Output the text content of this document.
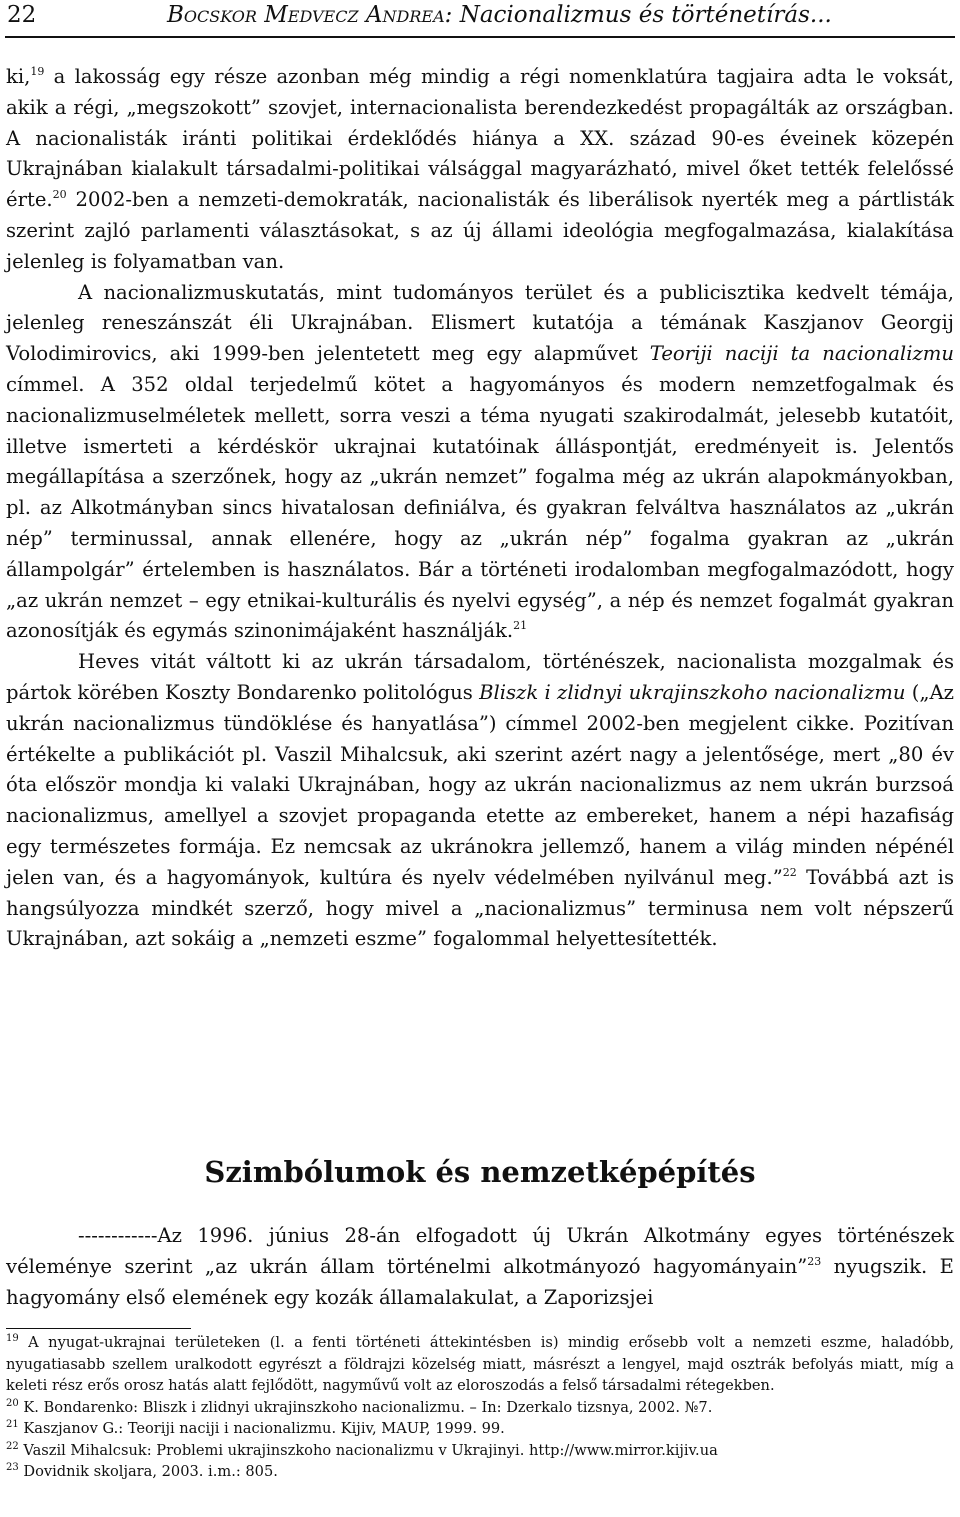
22	Bocskor Medvecz Andrea: Nacionalizmus és történetírás...

ki,$^{19}$ a lakosság egy része azonban még mindig a régi nomenklatúra tagjaira adta le voksát, akik a régi, „megszokott” szovjet, internacionalista berendezkedést propagálták az országban. A nacionalisták iránti politikai érdeklődés hiánya a XX. század 90-es éveinek közepén Ukrajnában kialakult társadalmi-politikai válsággal magyarázható, mivel őket tették felelőssé érte.$^{20}$ 2002-ben a nemzeti-demokraták, nacionalisták és liberálisok nyerték meg a pártlisták szerint zajló parlamenti választásokat, s az új állami ideológia megfogalmazása, kialakítása jelenleg is folyamatban van.

A nacionalizmuskutatás, mint tudományos terület és a publicisztika kedvelt témája, jelenleg reneszánszát éli Ukrajnában. Elismert kutatója a témának Kaszjanov Georgij Volodimirovics, aki 1999-ben jelentetett meg egy alapművet Teoriji naciji ta nacionalizmu címmel. A 352 oldal terjedelmű kötet a hagyományos és modern nemzetfogalmak és nacionalizmuselméletek mellett, sorra veszi a téma nyugati szakirodalmát, jelesebb kutatóit, illetve ismerteti a kérdéskör ukrajnai kutatóinak álláspontját, eredményeit is. Jelentős megállapítása a szerzőnek, hogy az „ukrán nemzet” fogalma még az ukrán alapokmányokban, pl. az Alkotmányban sincs hivatalosan definiálva, és gyakran felváltva használatos az „ukrán nép” terminussal, annak ellenére, hogy az „ukrán nép” fogalma gyakran az „ukrán állampolgár” értelemben is használatos. Bár a történeti irodalomban megfogalmazódott, hogy „az ukrán nemzet – egy etnikai-kulturális és nyelvi egység”, a nép és nemzet fogalmát gyakran azonosítják és egymás szinonimájaként használják.$^{21}$

Heves vitát váltott ki az ukrán társadalom, történészek, nacionalista mozgalmak és pártok körében Koszty Bondarenko politológus Bliszk i zlidnyi ukrajinszkoho nacionalizmu („Az ukrán nacionalizmus tündöklése és hanyatlása”) címmel 2002-ben megjelent cikke. Pozitívan értékelte a publikációt pl. Vaszil Mihalcsuk, aki szerint azért nagy a jelentősége, mert „80 év óta először mondja ki valaki Ukrajnában, hogy az ukrán nacionalizmus az nem ukrán burzsoá nacionalizmus, amellyel a szovjet propaganda etette az embereket, hanem a népi hazafiság egy természetes formája. Ez nemcsak az ukránokra jellemző, hanem a világ minden népénél jelen van, és a hagyományok, kultúra és nyelv védelmében nyilvánul meg.”$^{22}$ Továbbá azt is hangsúlyozza mindkét szerző, hogy mivel a „nacionalizmus” terminusa nem volt népszerű Ukrajnában, azt sokáig a „nemzeti eszme” fogalommal helyettesítették.

Szimbólumok és nemzetképépítés

------------Az 1996. június 28-án elfogadott új Ukrán Alkotmány egyes történészek véleménye szerint „az ukrán állam történelmi alkotmányozó hagyományain”$^{23}$ nyugszik. E hagyomány első elemének egy kozák államalakulat, a Zaporizsjei

$^{19}$ A nyugat-ukrajnai területeken (l. a fenti történeti áttekintésben is) mindig erősebb volt a nemzeti eszme, haladóbb, nyugatiasabb szellem uralkodott egyrészt a földrajzi közelség miatt, másrészt a lengyel, majd osztrák befolyás miatt, míg a keleti rész erős orosz hatás alatt fejlődött, nagyművű volt az eloroszodás a felső társadalmi rétegekben.

$^{20}$ K. Bondarenko: Bliszk i zlidnyi ukrajinszkoho nacionalizmu. – In: Dzerkalo tizsnya, 2002. №7.

$^{21}$ Kaszjanov G.: Teoriji naciji i nacionalizmu. Kijiv, MAUP, 1999. 99.

$^{22}$ Vaszil Mihalcsuk: Problemi ukrajinszkoho nacionalizmu v Ukrajinyi. http://www.mirror.kijiv.ua

$^{23}$ Dovidnik skoljara, 2003. i.m.: 805.
